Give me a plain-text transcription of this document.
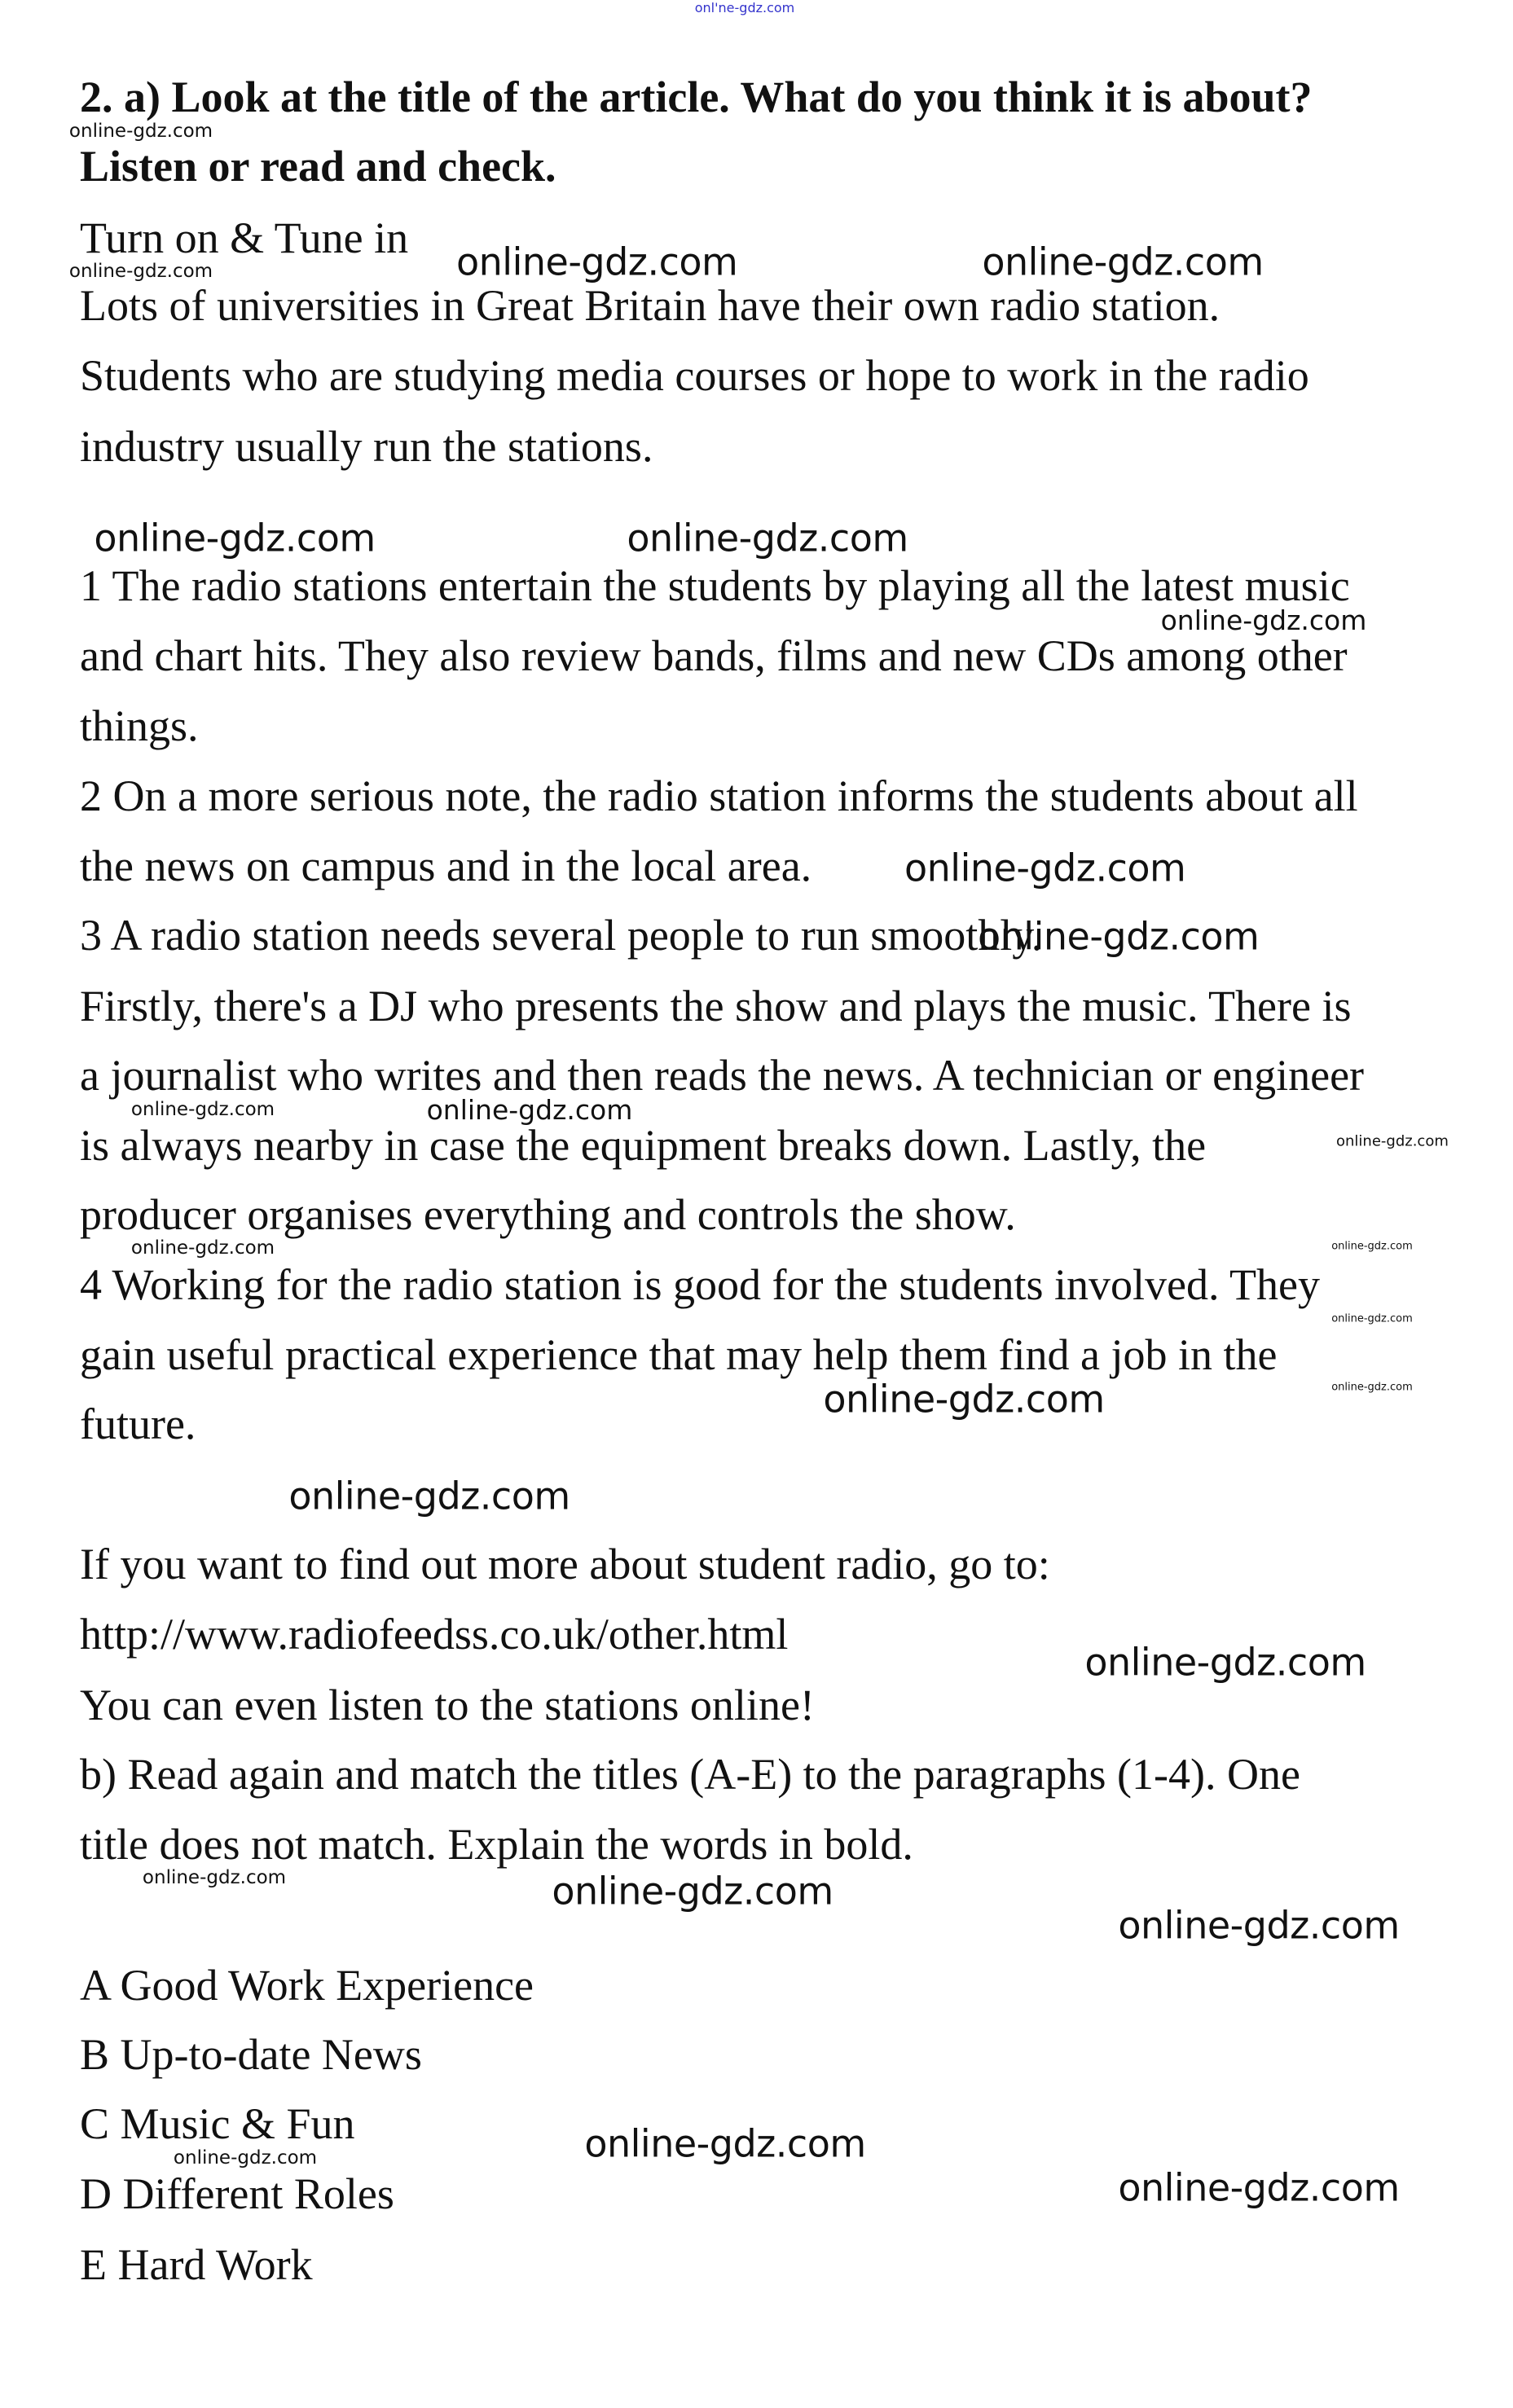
onl'ne-gdz.com
2. a) Look at the title of the article. What do you think it is about?
online-gdz.com
Listen or read and check.
Turn on & Tune in online-gdz.com	online-gdz.com
online-gdz.com
Lots of universities in Great Britain have their own radio station.
Students who are studying media courses or hope to work in the radio
industry usually run the stations.
online-gdz.com	online-gdz.com
1 The radio stations entertain the students by playing all the latest music
online-gdz.com
and chart hits. They also review bands, films and new CDs among other
things.
2 On a more serious note, the radio station informs the students about all
the news on campus and in the local area. online-gdz.com
3 A radio station needs several people to run smoothly.
online-gdz.com
Firstly, there's a DJ who presents the show and plays the music. There is
a journalist who writes and then reads the news. A technician or engineer
online-gdz.com	online-gdz.com
is always nearby in case the equipment breaks down. Lastly, the	online-gdz.com
producer organises everything and controls the show.
online-gdz.com	online-gdz.com
4 Working for the radio station is good for the students involved. They
online-gdz.com
gain useful practical experience that may help them find a job in the
online-gdz.com
online-gdz.com
future.
online-gdz.com
If you want to find out more about student radio, go to:
http://www.radiofeedss.co.uk/other.html
online-gdz.com
You can even listen to the stations online!
b) Read again and match the titles (A-E) to the paragraphs (1-4). One
title does not match. Explain the words in bold.
online-gdz.com	online-gdz.com
online-gdz.com
A Good Work Experience
B Up-to-date News
C Music & Fun
online-gdz.com	online-gdz.com
D Different Roles	online-gdz.com
E Hard Work
